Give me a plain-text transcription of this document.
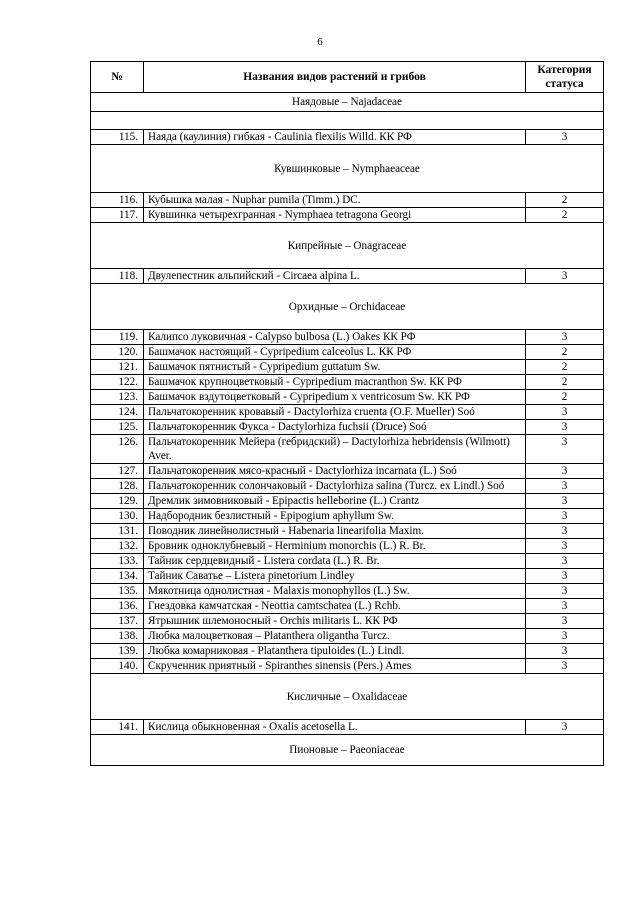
6
№	Названия видов растений и грибов	Категория статуса
Наядовые – Najadaceae		

115.	Наяда (каулиния) гибкая - Caulinia flexilis Willd. КК РФ	3
Кувшинковые – Nymphaeaceae		
116.	Кубышка малая - Nuphar pumila (Timm.) DC.	2
117.	Кувшинка четырехгранная - Nymphaea tetragona Georgi	2
Кипрейные – Onagraceae		
118.	Двулепестник альпийский - Circaea alpina L.	3
Орхидные – Orchidaceae		
119.	Калипсо луковичная - Calypso bulbosa (L.) Oakes КК РФ	3
120.	Башмачок настоящий - Cypripedium calceolus L. КК РФ	2
121.	Башмачок пятнистый - Cypripedium guttatum Sw.	2
122.	Башмачок крупноцветковый - Cypripedium macranthon Sw. КК РФ	2
123.	Башмачок вздутоцветковый - Cypripedium x ventricosum Sw. КК РФ	2
124.	Пальчатокоренник кровавый - Dactylorhiza cruenta (O.F. Mueller) Soó	3
125.	Пальчатокоренник Фукса - Dactylorhiza fuchsii (Druce) Soó	3
126.	Пальчатокоренник Мейера (гебридский) – Dactylorhiza hebridensis (Wilmott) Aver.	3
127.	Пальчатокоренник мясо-красный - Dactylorhiza incarnata (L.) Soó	3
128.	Пальчатокоренник солончаковый - Dactylorhiza salina (Turcz. ex Lindl.) Soó	3
129.	Дремлик зимовниковый - Epipactis helleborine (L.) Crantz	3
130.	Надбородник безлистный - Epipogium aphyllum Sw.	3
131.	Поводник линейнолистный - Habenaria linearifolia Maxim.	3
132.	Бровник одноклубневый - Herminium monorchis (L.) R. Br.	3
133.	Тайник сердцевидный - Listera cordata (L.) R. Br.	3
134.	Тайник Саватье – Listera pinetorium Lindley	3
135.	Мякотница однолистная - Malaxis monophyllos (L.) Sw.	3
136.	Гнездовка камчатская - Neottia camtschatea (L.) Rchb.	3
137.	Ятрышник шлемоносный - Orchis militaris L. КК РФ	3
138.	Любка малоцветковая – Platanthera oligantha Turcz.	3
139.	Любка комарниковая - Platanthera tipuloides (L.) Lindl.	3
140.	Скрученник приятный - Spiranthes sinensis (Pers.) Ames	3
Кисличные – Oxalidaceae		
141.	Кислица обыкновенная - Oxalis acetosella L.	3
Пионовые – Paeoniaceae		
